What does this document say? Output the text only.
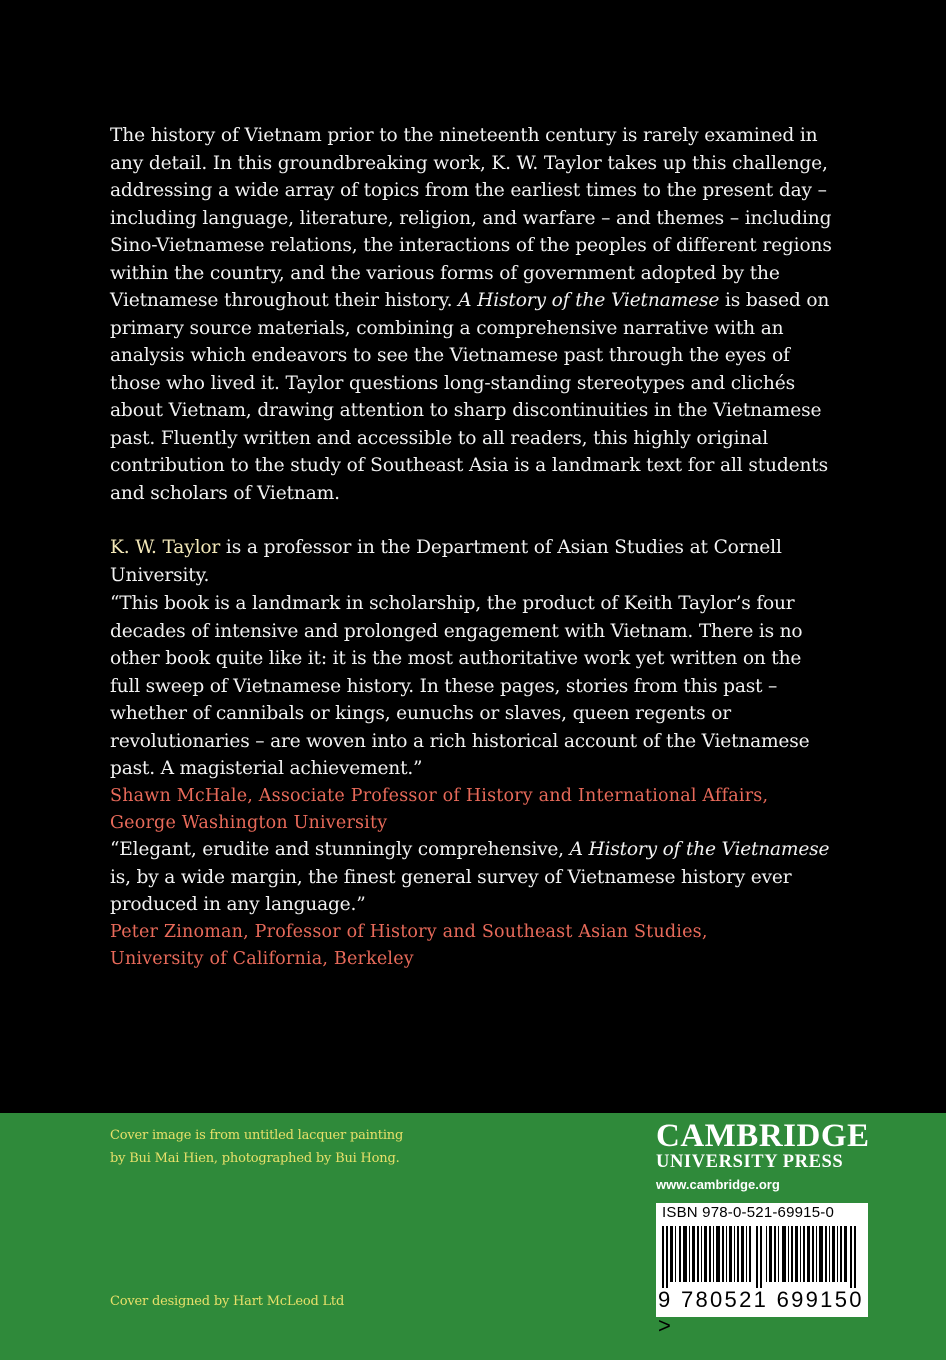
The history of Vietnam prior to the nineteenth century is rarely examined in any detail. In this groundbreaking work, K. W. Taylor takes up this challenge, addressing a wide array of topics from the earliest times to the present day – including language, literature, religion, and warfare – and themes – including Sino-Vietnamese relations, the interactions of the peoples of different regions within the country, and the various forms of government adopted by the Vietnamese throughout their history. A History of the Vietnamese is based on primary source materials, combining a comprehensive narrative with an analysis which endeavors to see the Vietnamese past through the eyes of those who lived it. Taylor questions long-standing stereotypes and clichés about Vietnam, drawing attention to sharp discontinuities in the Vietnamese past. Fluently written and accessible to all readers, this highly original contribution to the study of Southeast Asia is a landmark text for all students and scholars of Vietnam.

K. W. Taylor is a professor in the Department of Asian Studies at Cornell University.

“This book is a landmark in scholarship, the product of Keith Taylor’s four decades of intensive and prolonged engagement with Vietnam. There is no other book quite like it: it is the most authoritative work yet written on the full sweep of Vietnamese history. In these pages, stories from this past – whether of cannibals or kings, eunuchs or slaves, queen regents or revolutionaries – are woven into a rich historical account of the Vietnamese past. A magisterial achievement.”

Shawn McHale, Associate Professor of History and International Affairs,
George Washington University

“Elegant, erudite and stunningly comprehensive, A History of the Vietnamese is, by a wide margin, the finest general survey of Vietnamese history ever produced in any language.”

Peter Zinoman, Professor of History and Southeast Asian Studies,
University of California, Berkeley

Cover image is from untitled lacquer painting
by Bui Mai Hien, photographed by Bui Hong.
Cover designed by Hart McLeod Ltd
CAMBRIDGE
UNIVERSITY PRESS
www.cambridge.org
ISBN 978-0-521-69915-0
9 780521 699150 >
